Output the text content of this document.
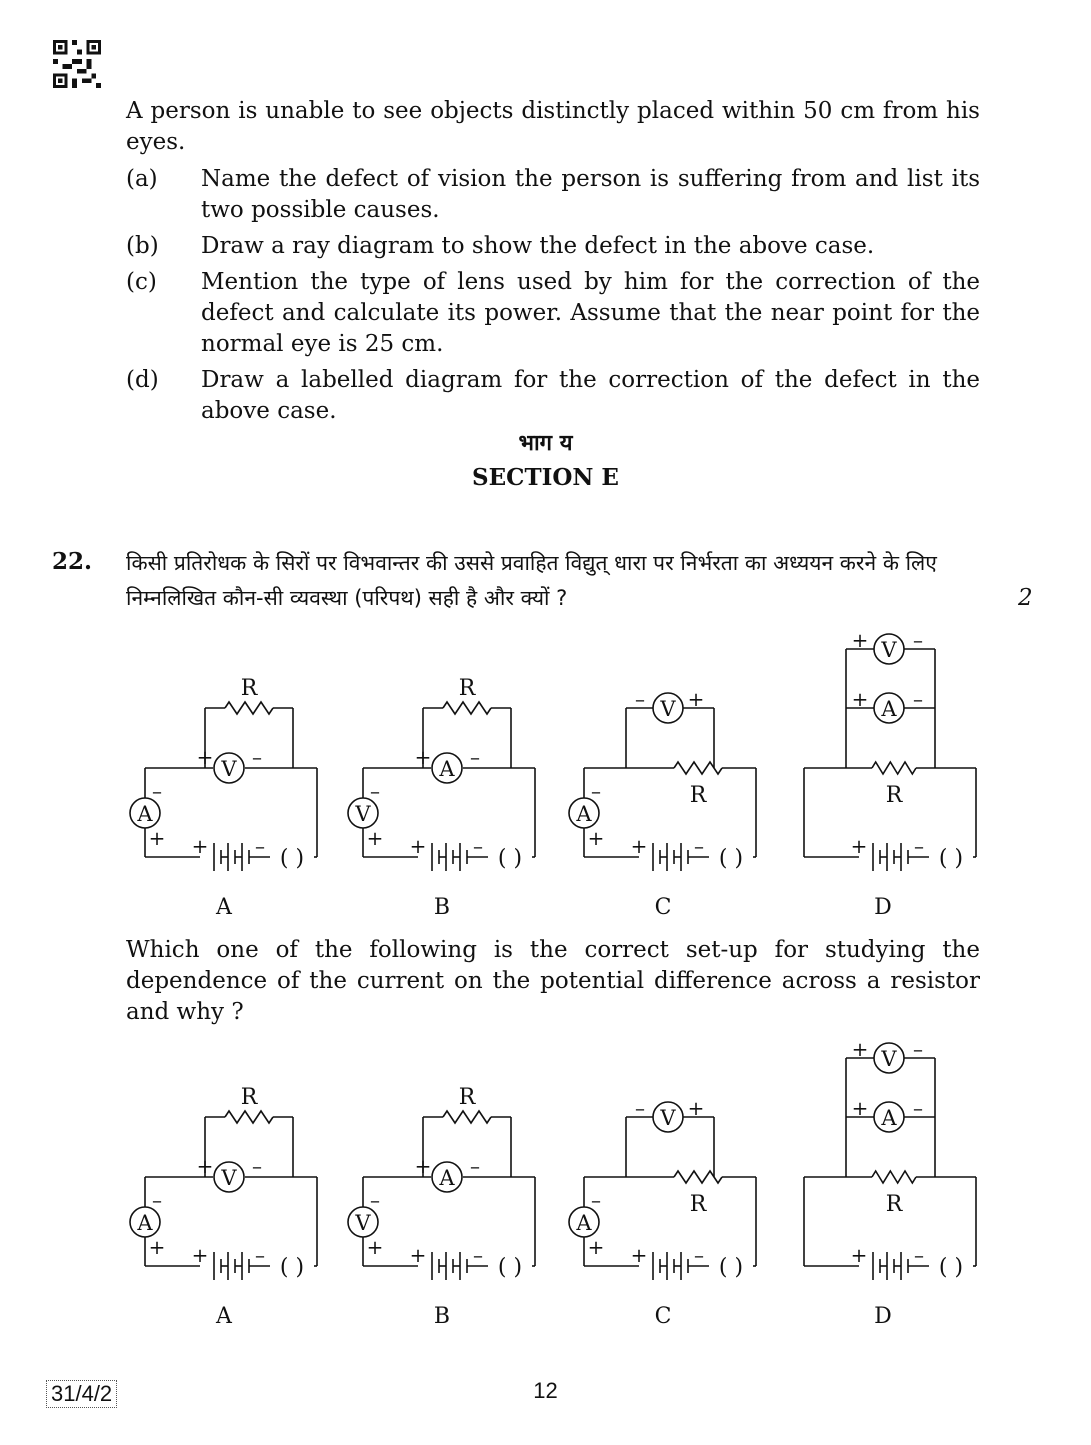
A person is unable to see objects distinctly placed within 50 cm from his eyes.
(a)	Name the defect of vision the person is suffering from and list its two possible causes.
(b)	Draw a ray diagram to show the defect in the above case.
(c)	Mention the type of lens used by him for the correction of the defect and calculate its power. Assume that the near point for the normal eye is 25 cm.
(d)	Draw a labelled diagram for the correction of the defect in the above case.
भाग य
SECTION E
22. किसी प्रतिरोधक के सिरों पर विभवान्तर की उससे प्रवाहित विद्युत् धारा पर निर्भरता का अध्ययन करने के लिए निम्नलिखित कौन-सी व्यवस्था (परिपथ) सही है और क्यों ?	2
Which one of the following is the correct set-up for studying the dependence of the current on the potential difference across a resistor and why ?
+ – ( )
A
–
+
V
+ –
R
A
+ – ( )
V
–
+
A
+ –
R
B
+ – ( )
A
–
+
R
V
– +
C
+ – ( )
R
A
+ –
V
+ –
D
+ – ( )
A
–
+
V
+ –
R
A
+ – ( )
V
–
+
A
+ –
R
B
+ – ( )
A
–
+
R
V
– +
C
+ – ( )
R
A
+ –
V
+ –
D
31/4/2	12
